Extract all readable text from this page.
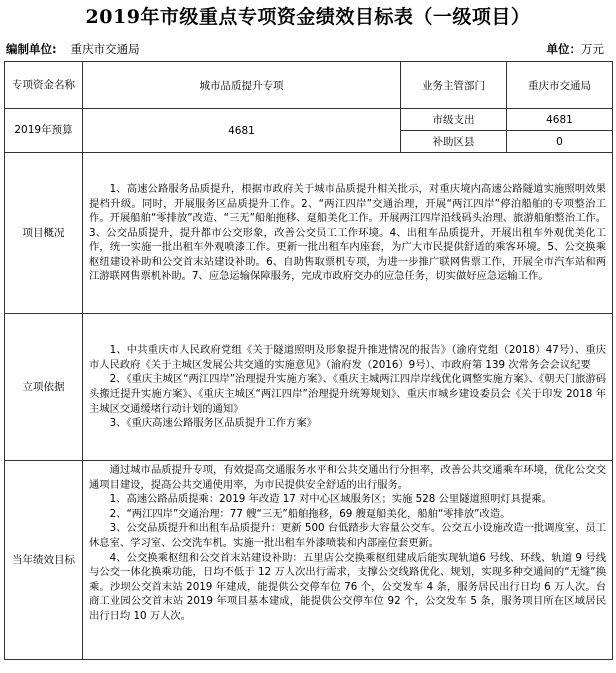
2019年市级重点专项资金绩效目标表（一级项目）
编制单位: 重庆市交通局	单位：万元
专项资金名称	城市品质提升专项	业务主管部门	重庆市交通局
2019年预算	4681	市级支出	4681
		补助区县	0
项目概况	1、高速公路服务品质提升，根据市政府关于城市品质提升相关批示，对重庆境内高速公路隧道实施照明效果提档升级。同时，开展服务区品质提升工作。2、“两江四岸”交通治理，开展“两江四岸”停泊船舶的专项整治工作。开展船舶“零排放”改造、“三无”船舶拖移、趸船美化工作。开展两江四岸沿线码头治理、旅游船舶整治工作。3、公交品质提升，提升都市公交形象，改善公交员工工作环境。4、出租车品质提升，开展出租车外观优美化工作，统一实施一批出租车外观喷漆工作。更新一批出租车内座套，为广大市民提供舒适的乘客环境。5、公交换乘枢纽建设补助和公交首末站建设补助。6、自助售取票机专项，为进一步推广联网售票工作，开展全市汽车站和两江游联网售票机补助。7、应急运输保障服务，完成市政府交办的应急任务，切实做好应急运输工作。		

立项依据	1、中共重庆市人民政府党组《关于隧道照明及形象提升推进情况的报告》（渝府党组（2018）47号）、重庆市人民政府《关于主城区发展公共交通的实施意见》（渝府发（2016）9号）、市政府第 139 次常务会会议纪要

2、《重庆主城区“两江四岸”治理提升实施方案》、《重庆主城两江四岸岸线优化调整实施方案》、《朝天门旅游码头搬迁提升实施方案》、《重庆主城区“两江四岸”治理提升统筹规划》、重庆市城乡建设委员会《关于印发 2018 年主城区交通缓堵行动计划的通知》

3、《重庆高速公路服务区品质提升工作方案》		

当年绩效目标	通过城市品质提升专项，有效提高交通服务水平和公共交通出行分担率，改善公共交通乘车环境，优化公交交通项目建设，提高公共交通使用率，为市民提供安全舒适的出行服务。

1、高速公路品质提乘：2019 年改造 17 对中心区域服务区；实施 528 公里隧道照明灯具提乘。

2、“两江四岸”交通治理：77 艘“三无”船舶拖移，69 艘趸船美化，船舶“零排放”改造。

3、公交品质提升和出租车品质提升：更新 500 台低踏步大容量公交车。公交五小设施改造一批调度室、员工休息室、学习室、公交洗车机。实施一批出租车外漆喷装和内部座位套更新。

4、公交换乘枢纽和公交首末站建设补助：五里店公交换乘枢纽建成后能实现轨道6 号线、环线、轨道 9 号线与公交一体化换乘功能，日均不低于 12 万人次出行需求，支撑公交线路优化、规划，实现多种交通间的“无缝”换乘。沙坝公交首末站 2019 年建成，能提供公交停车位 76 个，公交发车 4 条，服务居民出行日均 6 万人次。台商工业园公交首末站 2019 年项目基本建成，能提供公交停车位 92 个，公交发车 5 条，服务项目所在区域居民出行日均 10 万人次。		
